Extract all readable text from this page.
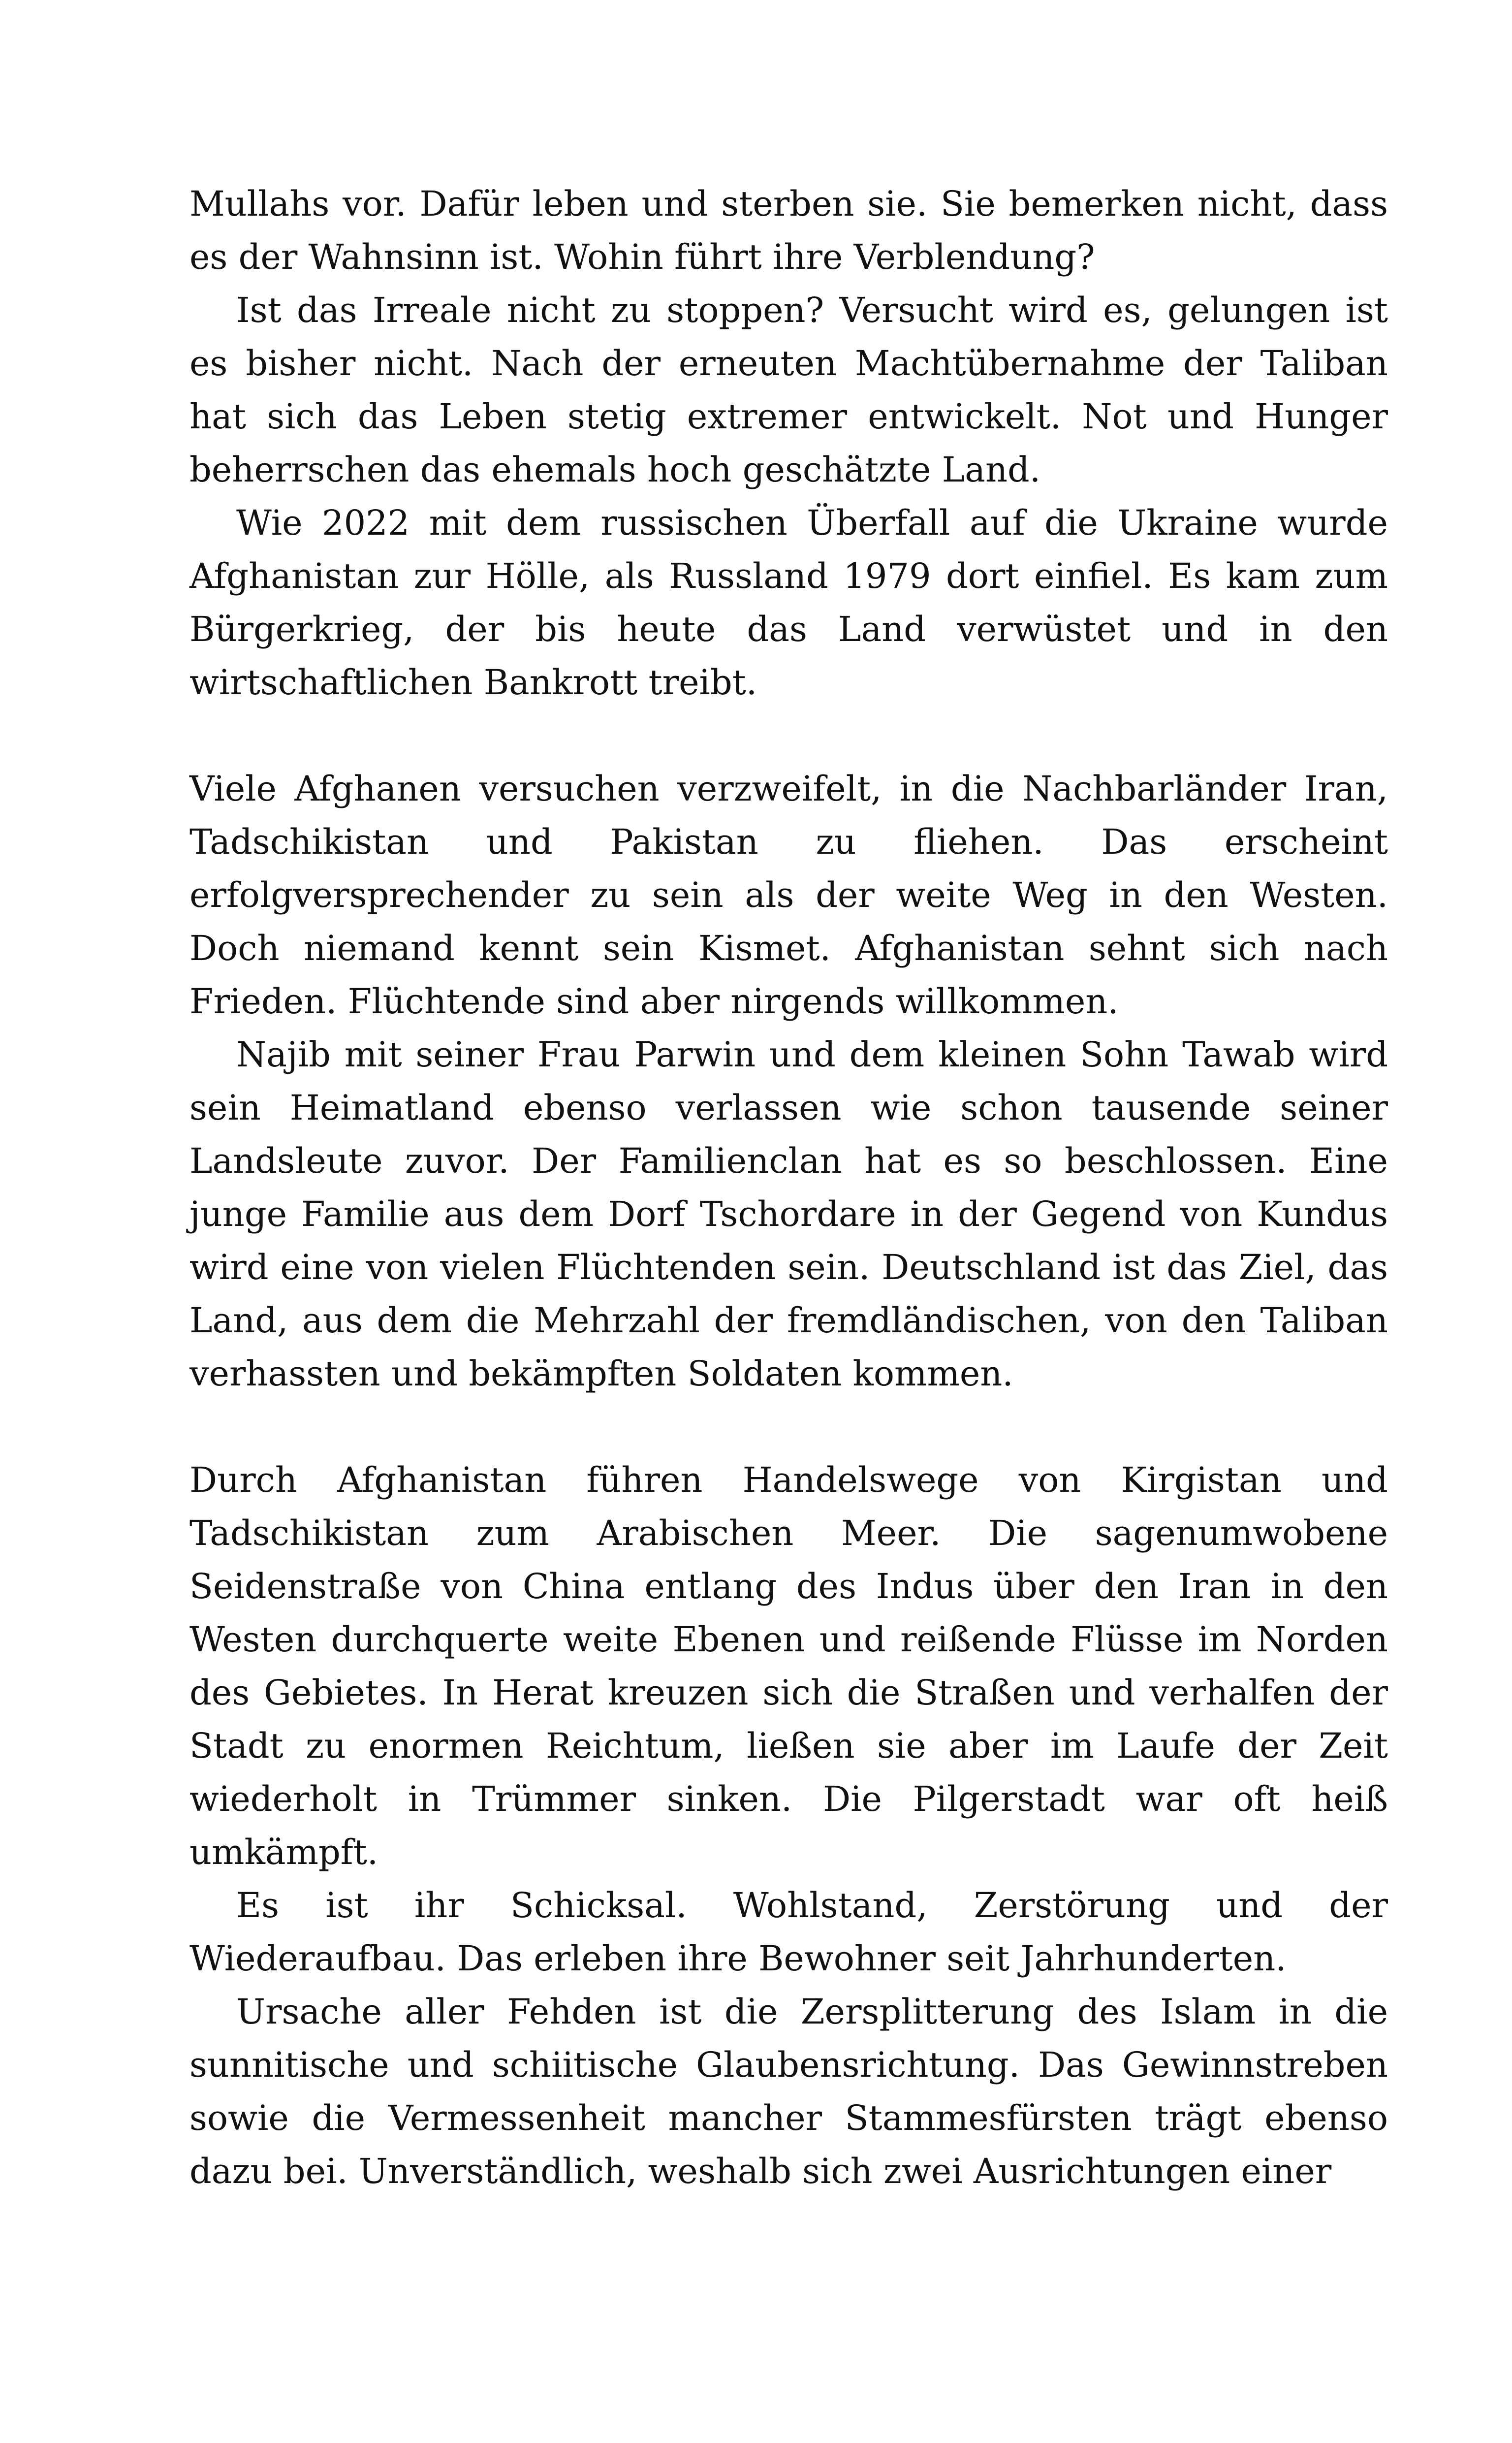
Mullahs vor. Dafür leben und sterben sie. Sie bemerken nicht, dass es der Wahnsinn ist. Wohin führt ihre Verblendung?

Ist das Irreale nicht zu stoppen? Versucht wird es, gelungen ist es bisher nicht. Nach der erneuten Machtübernahme der Taliban hat sich das Leben stetig extremer entwickelt. Not und Hunger beherrschen das ehemals hoch geschätzte Land.

Wie 2022 mit dem russischen Überfall auf die Ukraine wurde Afghanistan zur Hölle, als Russland 1979 dort einfiel. Es kam zum Bürgerkrieg, der bis heute das Land verwüstet und in den wirtschaftlichen Bankrott treibt.

Viele Afghanen versuchen verzweifelt, in die Nachbarländer Iran, Tadschikistan und Pakistan zu fliehen. Das erscheint erfolgversprechender zu sein als der weite Weg in den Westen. Doch niemand kennt sein Kismet. Afghanistan sehnt sich nach Frieden. Flüchtende sind aber nirgends willkommen.

Najib mit seiner Frau Parwin und dem kleinen Sohn Tawab wird sein Heimatland ebenso verlassen wie schon tausende seiner Landsleute zuvor. Der Familienclan hat es so beschlossen. Eine junge Familie aus dem Dorf Tschordare in der Gegend von Kundus wird eine von vielen Flüchtenden sein. Deutschland ist das Ziel, das Land, aus dem die Mehrzahl der fremdländischen, von den Taliban verhassten und bekämpften Soldaten kommen.

Durch Afghanistan führen Handelswege von Kirgistan und Tadschikistan zum Arabischen Meer. Die sagenumwobene Seidenstraße von China entlang des Indus über den Iran in den Westen durchquerte weite Ebenen und reißende Flüsse im Norden des Gebietes. In Herat kreuzen sich die Straßen und verhalfen der Stadt zu enormen Reichtum, ließen sie aber im Laufe der Zeit wiederholt in Trümmer sinken. Die Pilgerstadt war oft heiß umkämpft.

Es ist ihr Schicksal. Wohlstand, Zerstörung und der Wiederaufbau. Das erleben ihre Bewohner seit Jahrhunderten.

Ursache aller Fehden ist die Zersplitterung des Islam in die sunnitische und schiitische Glaubensrichtung. Das Gewinnstreben sowie die Vermessenheit mancher Stammesfürsten trägt ebenso dazu bei. Unverständlich, weshalb sich zwei Ausrichtungen einer
